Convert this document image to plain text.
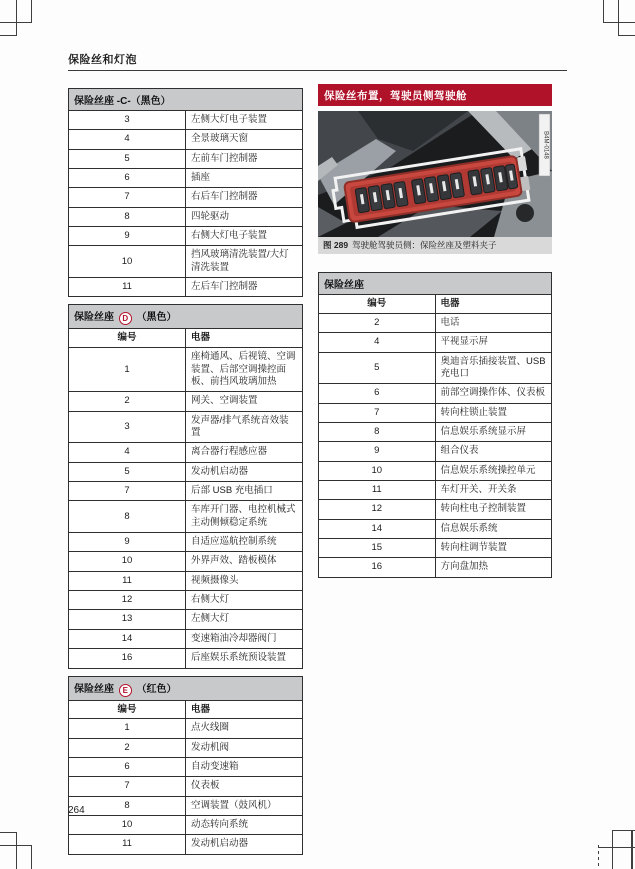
保险丝和灯泡
保险丝座 -C-（黑色）	
3	左侧大灯电子装置
4	全景玻璃天窗
5	左前车门控制器
6	插座
7	右后车门控制器
8	四轮驱动
9	右侧大灯电子装置
10	挡风玻璃清洗装置/大灯清洗装置
11	左后车门控制器
保险丝座 D （黑色）	
编号	电器
1	座椅通风、后视镜、空调装置、后部空调操控面板、前挡风玻璃加热
2	网关、空调装置
3	发声器/排气系统音效装置
4	离合器行程感应器
5	发动机启动器
7	后部 USB 充电插口
8	车库开门器、电控机械式主动侧倾稳定系统
9	自适应巡航控制系统
10	外界声效、踏板模体
11	视频摄像头
12	右侧大灯
13	左侧大灯
14	变速箱油冷却器阀门
16	后座娱乐系统预设装置
保险丝座 E （红色）	
编号	电器
1	点火线圈
2	发动机阀
6	自动变速箱
7	仪表板
8	空调装置（鼓风机）
10	动态转向系统
11	发动机启动器
保险丝布置，驾驶员侧驾驶舱
B4M-0148
图 289 驾驶舱驾驶员侧：保险丝座及塑料夹子
保险丝座	
编号	电器
2	电话
4	平视显示屏
5	奥迪音乐插接装置、USB 充电口
6	前部空调操作体、仪表板
7	转向柱锁止装置
8	信息娱乐系统显示屏
9	组合仪表
10	信息娱乐系统操控单元
11	车灯开关、开关条
12	转向柱电子控制装置
14	信息娱乐系统
15	转向柱调节装置
16	方向盘加热
264
